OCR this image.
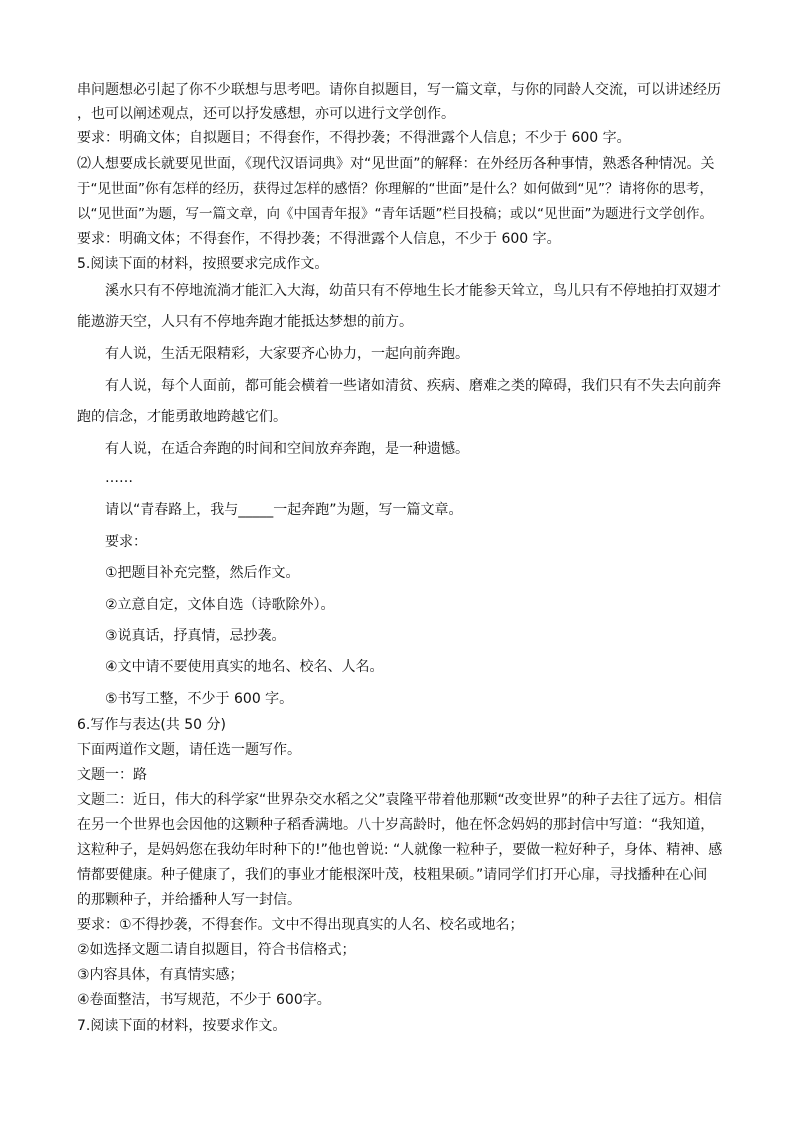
串问题想必引起了你不少联想与思考吧。请你自拟题目，写一篇文章，与你的同龄人交流，可以讲述经历
，也可以阐述观点，还可以抒发感想，亦可以进行文学创作。
要求：明确文体；自拟题目；不得套作，不得抄袭；不得泄露个人信息；不少于 600 字。
⑵人想要成长就要见世面，《现代汉语词典》对“见世面”的解释：在外经历各种事情，熟悉各种情况。关
于“见世面”你有怎样的经历，获得过怎样的感悟？你理解的“世面”是什么？如何做到“见”？请将你的思考，
以“见世面”为题，写一篇文章，向《中国青年报》“青年话题”栏目投稿；或以“见世面”为题进行文学创作。
要求：明确文体；不得套作，不得抄袭；不得泄露个人信息，不少于 600 字。
5.阅读下面的材料，按照要求完成作文。
溪水只有不停地流淌才能汇入大海，幼苗只有不停地生长才能参天耸立，鸟儿只有不停地拍打双翅才
能遨游天空，人只有不停地奔跑才能抵达梦想的前方。
有人说，生活无限精彩，大家要齐心协力，一起向前奔跑。
有人说，每个人面前，都可能会横着一些诸如清贫、疾病、磨难之类的障碍，我们只有不失去向前奔
跑的信念，才能勇敢地跨越它们。
有人说，在适合奔跑的时间和空间放弃奔跑，是一种遗憾。
……
请以“青春路上，我与_____一起奔跑”为题，写一篇文章。
要求：
①把题目补充完整，然后作文。
②立意自定，文体自选（诗歌除外）。
③说真话，抒真情，忌抄袭。
④文中请不要使用真实的地名、校名、人名。
⑤书写工整，不少于 600 字。
6.写作与表达(共 50 分)
下面两道作文题，请任选一题写作。
文题一：路
文题二：近日，伟大的科学家“世界杂交水稻之父”袁隆平带着他那颗“改变世界”的种子去往了远方。相信
在另一个世界也会因他的这颗种子稻香满地。八十岁高龄时，他在怀念妈妈的那封信中写道：“我知道，
这粒种子，是妈妈您在我幼年时种下的!”他也曾说: “人就像一粒种子，要做一粒好种子，身体、精神、感
情都要健康。种子健康了，我们的事业才能根深叶茂，枝粗果硕。”请同学们打开心扉，寻找播种在心间
的那颗种子，并给播种人写一封信。
要求：①不得抄袭，不得套作。文中不得出现真实的人名、校名或地名；
②如选择文题二请自拟题目，符合书信格式；
③内容具体，有真情实感；
④卷面整洁，书写规范，不少于 600字。
7.阅读下面的材料，按要求作文。
